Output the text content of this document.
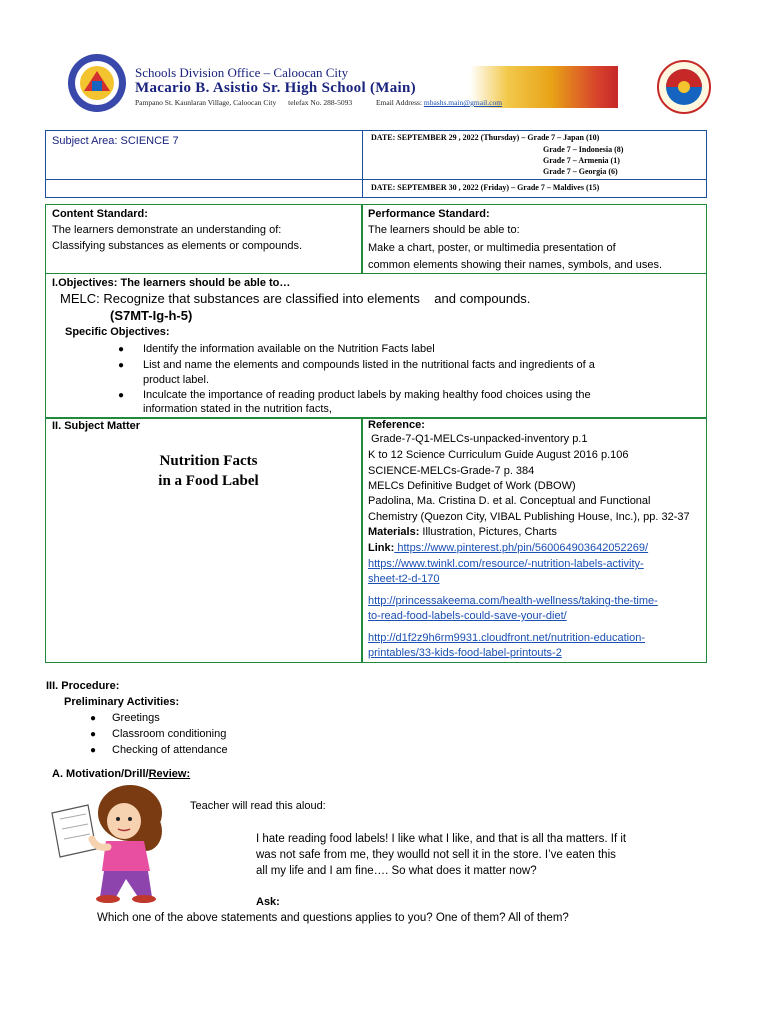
Schools Division Office – Caloocan City
Macario B. Asistio Sr. High School (Main)
Pampano St. Kaunlaran Village, Caloocan City telefax No. 288-5093	Email Address: mbashs.main@gmail.com
Subject Area: SCIENCE 7	DATE: SEPTEMBER 29 , 2022 (Thursday) – Grade 7 – Japan (10)
Grade 7 – Indonesia (8)
Grade 7 – Armenia (1)
Grade 7 – Georgia (6)
DATE: SEPTEMBER 30 , 2022 (Friday) – Grade 7 – Maldives (15)
Content Standard:
The learners demonstrate an understanding of:
Classifying substances as elements or compounds.
Performance Standard:
The learners should be able to:
Make a chart, poster, or multimedia presentation of
common elements showing their names, symbols, and uses.
I.Objectives: The learners should be able to…
MELC: Recognize that substances are classified into elements    and compounds.
(S7MT-Ig-h-5)
Specific Objectives:
● Identify the information available on the Nutrition Facts label
● List and name the elements and compounds listed in the nutritional facts and ingredients of a
product label.
● Inculcate the importance of reading product labels by making healthy food choices using the
information stated in the nutrition facts,
II. Subject Matter
Nutrition Facts
in a Food Label
Reference:
Grade-7-Q1-MELCs-unpacked-inventory p.1
K to 12 Science Curriculum Guide August 2016 p.106
SCIENCE-MELCs-Grade-7 p. 384
MELCs Definitive Budget of Work (DBOW)
Padolina, Ma. Cristina D. et al. Conceptual and Functional
Chemistry (Quezon City, VIBAL Publishing House, Inc.), pp. 32-37
Materials: Illustration, Pictures, Charts
Link: https://www.pinterest.ph/pin/560064903642052269/
https://www.twinkl.com/resource/-nutrition-labels-activity-
sheet-t2-d-170
http://princessakeema.com/health-wellness/taking-the-time-
to-read-food-labels-could-save-your-diet/
http://d1f2z9h6rm9931.cloudfront.net/nutrition-education-
printables/33-kids-food-label-printouts-2
III. Procedure:
Preliminary Activities:
● Greetings
● Classroom conditioning
● Checking of attendance
A. Motivation/Drill/Review:
Teacher will read this aloud:
I hate reading food labels! I like what I like, and that is all tha matters. If it
was not safe from me, they woulld not sell it in the store. I’ve eaten this
all my life and I am fine…. So what does it matter now?
Ask:
Which one of the above statements and questions applies to you? One of them? All of them?
